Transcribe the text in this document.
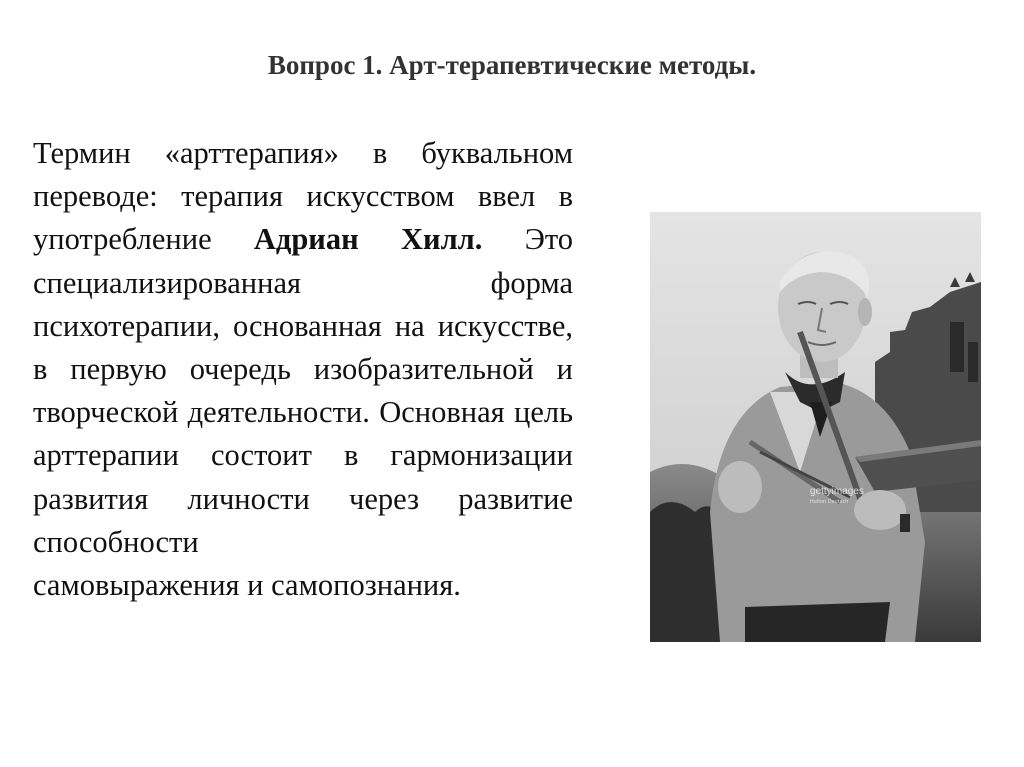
Вопрос 1. Арт-терапевтические методы.
Термин «арттерапия» в буквальном переводе: терапия искусством ввел в употребление Адриан Хилл. Это специализированная форма психотерапии, основанная на искусстве, в первую очередь изобразительной и творческой деятельности. Основная цель арттерапии состоит в гармонизации развития личности через развитие способности
самовыражения и самопознания.
gettyimages
Hulton Deutsch
